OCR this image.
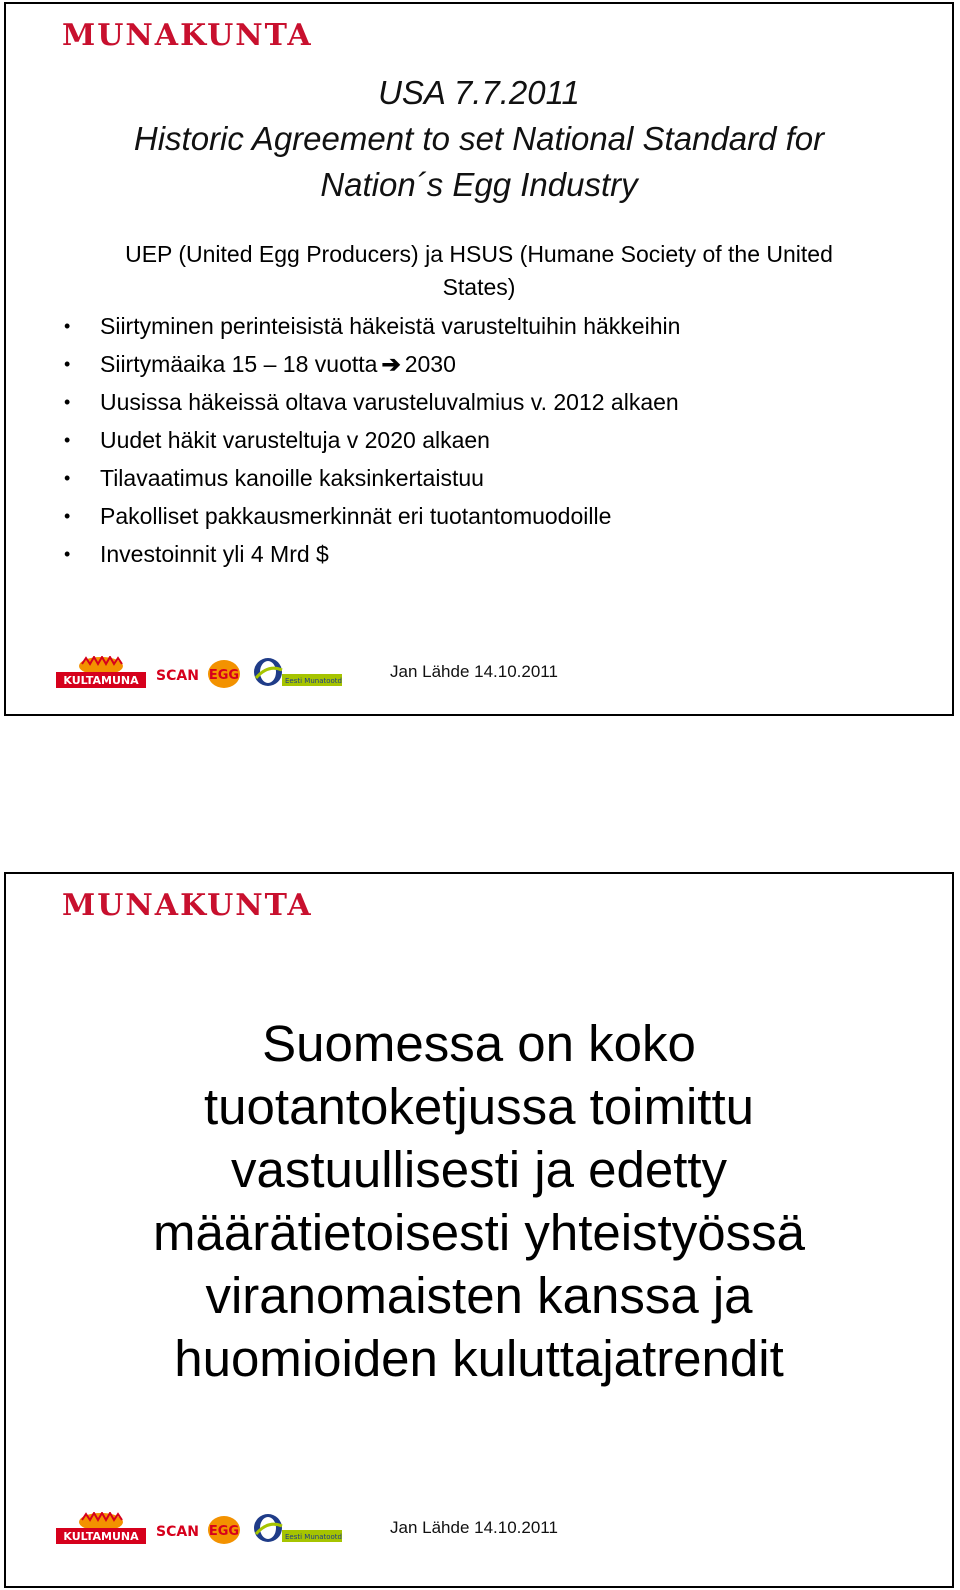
MUNAKUNTA
USA 7.7.2011
Historic Agreement to set National Standard for
Nation´s Egg Industry
UEP (United Egg Producers) ja HSUS (Humane Society of the United
States)
• Siirtyminen perinteisistä häkeistä varusteltuihin häkkeihin
• Siirtymäaika 15 – 18 vuotta ➔ 2030
• Uusissa häkeissä oltava varusteluvalmius v. 2012 alkaen
• Uudet häkit varusteltuja v 2020 alkaen
• Tilavaatimus kanoille kaksinkertaistuu
• Pakolliset pakkausmerkinnät eri tuotantomuodoille
• Investoinnit yli 4 Mrd $
KULTAMUNA SCAN EGG	Eesti Munatootd	Jan Lähde 14.10.2011
MUNAKUNTA
Suomessa on koko
tuotantoketjussa toimittu
vastuullisesti ja edetty
määrätietoisesti yhteistyössä
viranomaisten kanssa ja
huomioiden kuluttajatrendit
KULTAMUNA SCAN EGG	Eesti Munatootd	Jan Lähde 14.10.2011
